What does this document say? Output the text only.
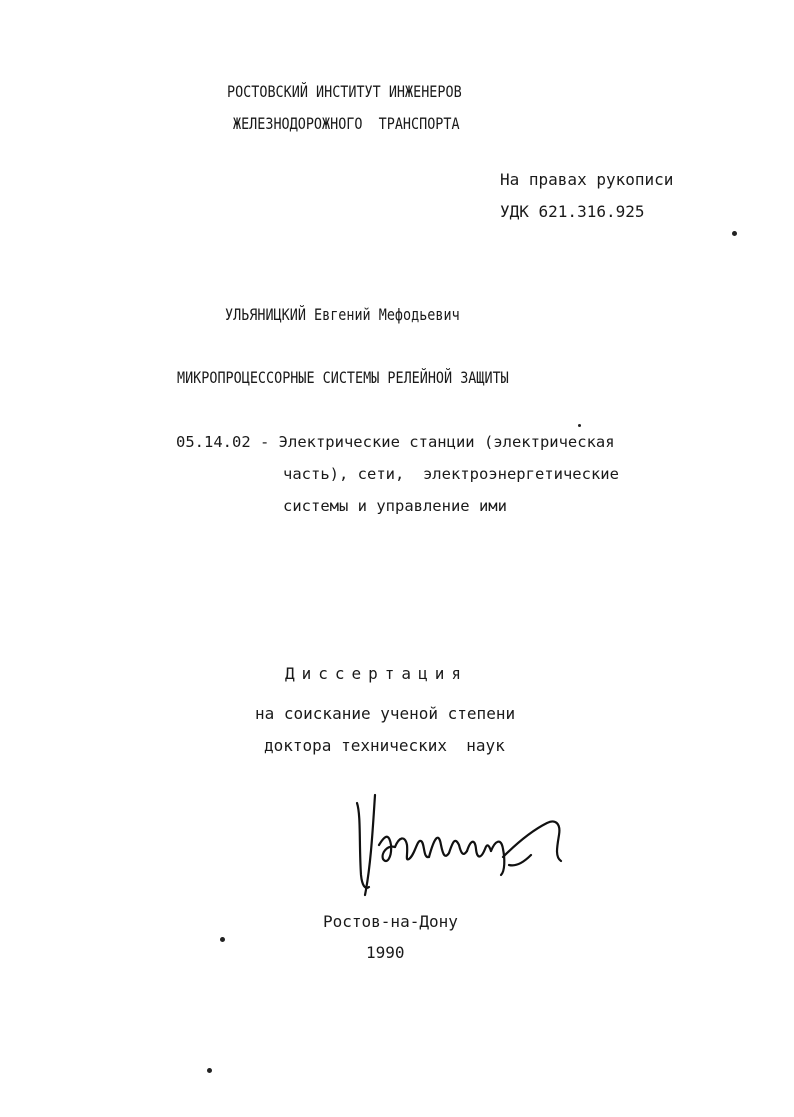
РОСТОВСКИЙ ИНСТИТУТ ИНЖЕНЕРОВ
ЖЕЛЕЗНОДОРОЖНОГО  ТРАНСПОРТА
На правах рукописи
УДК 621.316.925
УЛЬЯНИЦКИЙ Евгений Мефодьевич
МИКРОПРОЦЕССОРНЫЕ СИСТЕМЫ РЕЛЕЙНОЙ ЗАЩИТЫ
05.14.02 - Электрические станции (электрическая
часть), сети,  электроэнергетические
системы и управление ими
Диссертация
на соискание ученой степени
доктора технических  наук
Ростов-на-Дону
1990
